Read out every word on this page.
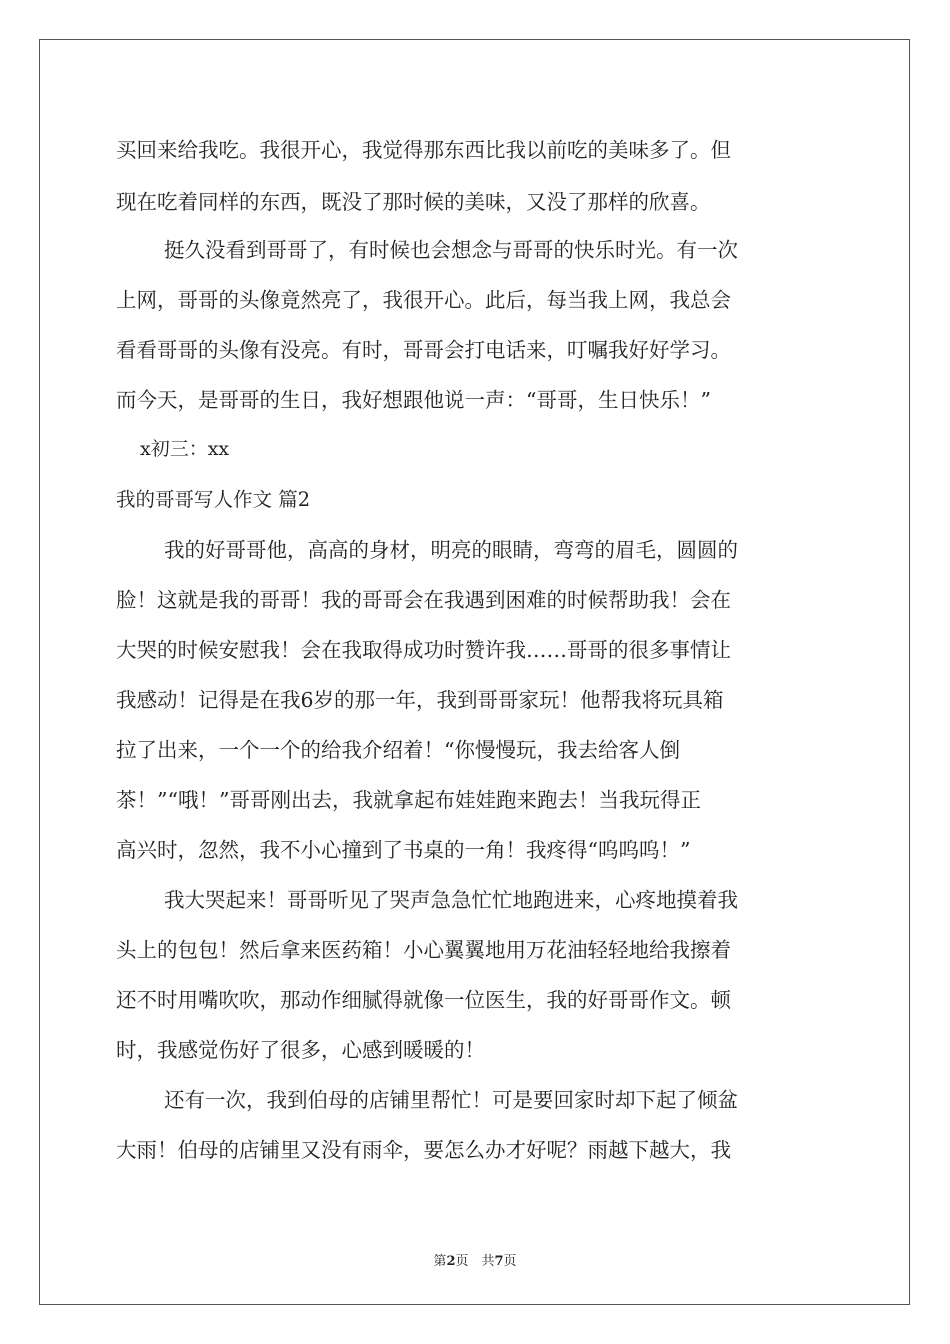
买回来给我吃。我很开心，我觉得那东西比我以前吃的美味多了。但
现在吃着同样的东西，既没了那时候的美味，又没了那样的欣喜。
挺久没看到哥哥了，有时候也会想念与哥哥的快乐时光。有一次
上网，哥哥的头像竟然亮了，我很开心。此后，每当我上网，我总会
看看哥哥的头像有没亮。有时，哥哥会打电话来，叮嘱我好好学习。
而今天，是哥哥的生日，我好想跟他说一声：“哥哥，生日快乐！”
x初三：xx
我的哥哥写人作文 篇2
我的好哥哥他，高高的身材，明亮的眼睛，弯弯的眉毛，圆圆的
脸！这就是我的哥哥！我的哥哥会在我遇到困难的时候帮助我！会在
大哭的时候安慰我！会在我取得成功时赞许我……哥哥的很多事情让
我感动！记得是在我6岁的那一年，我到哥哥家玩！他帮我将玩具箱
拉了出来，一个一个的给我介绍着！“你慢慢玩，我去给客人倒
茶！”“哦！”哥哥刚出去，我就拿起布娃娃跑来跑去！当我玩得正
高兴时，忽然，我不小心撞到了书桌的一角！我疼得“呜呜呜！”
我大哭起来！哥哥听见了哭声急急忙忙地跑进来，心疼地摸着我
头上的包包！然后拿来医药箱！小心翼翼地用万花油轻轻地给我擦着
还不时用嘴吹吹，那动作细腻得就像一位医生，我的好哥哥作文。顿
时，我感觉伤好了很多，心感到暖暖的！
还有一次，我到伯母的店铺里帮忙！可是要回家时却下起了倾盆
大雨！伯母的店铺里又没有雨伞，要怎么办才好呢？雨越下越大，我
第2页　共7页
